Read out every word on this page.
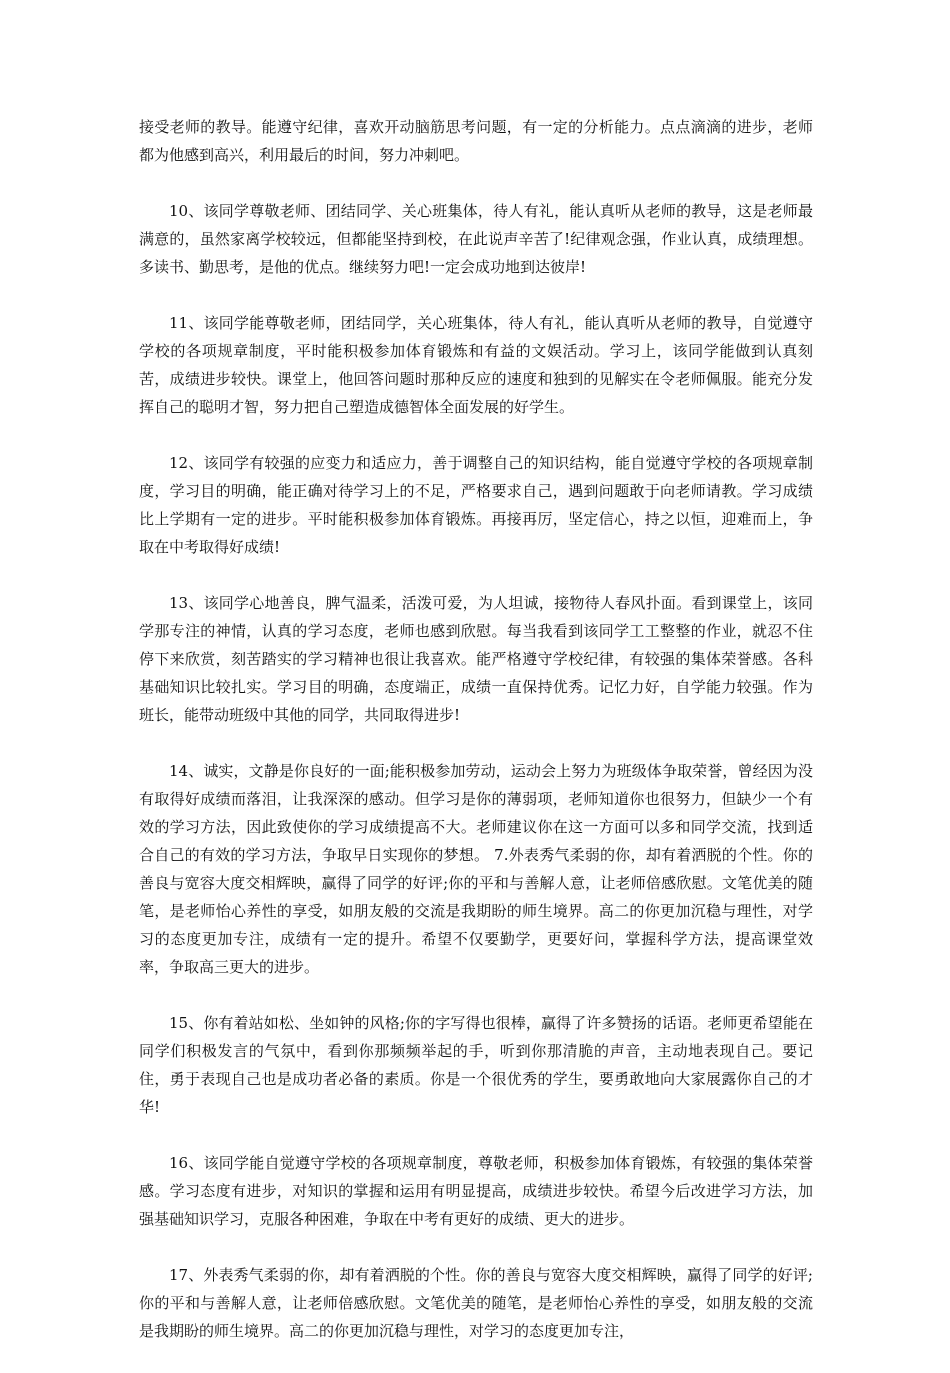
接受老师的教导。能遵守纪律，喜欢开动脑筋思考问题，有一定的分析能力。点点滴滴的进步，老师都为他感到高兴，利用最后的时间，努力冲刺吧。

10、该同学尊敬老师、团结同学、关心班集体，待人有礼，能认真听从老师的教导，这是老师最满意的，虽然家离学校较远，但都能坚持到校，在此说声辛苦了!纪律观念强，作业认真，成绩理想。多读书、勤思考，是他的优点。继续努力吧!一定会成功地到达彼岸!

11、该同学能尊敬老师，团结同学，关心班集体，待人有礼，能认真听从老师的教导，自觉遵守学校的各项规章制度，平时能积极参加体育锻炼和有益的文娱活动。学习上，该同学能做到认真刻苦，成绩进步较快。课堂上，他回答问题时那种反应的速度和独到的见解实在令老师佩服。能充分发挥自己的聪明才智，努力把自己塑造成德智体全面发展的好学生。

12、该同学有较强的应变力和适应力，善于调整自己的知识结构，能自觉遵守学校的各项规章制度，学习目的明确，能正确对待学习上的不足，严格要求自己，遇到问题敢于向老师请教。学习成绩比上学期有一定的进步。平时能积极参加体育锻炼。再接再厉，坚定信心，持之以恒，迎难而上，争取在中考取得好成绩!

13、该同学心地善良，脾气温柔，活泼可爱，为人坦诚，接物待人春风扑面。看到课堂上，该同学那专注的神情，认真的学习态度，老师也感到欣慰。每当我看到该同学工工整整的作业，就忍不住停下来欣赏，刻苦踏实的学习精神也很让我喜欢。能严格遵守学校纪律，有较强的集体荣誉感。各科基础知识比较扎实。学习目的明确，态度端正，成绩一直保持优秀。记忆力好，自学能力较强。作为班长，能带动班级中其他的同学，共同取得进步!

14、诚实，文静是你良好的一面;能积极参加劳动，运动会上努力为班级体争取荣誉，曾经因为没有取得好成绩而落泪，让我深深的感动。但学习是你的薄弱项，老师知道你也很努力，但缺少一个有效的学习方法，因此致使你的学习成绩提高不大。老师建议你在这一方面可以多和同学交流，找到适合自己的有效的学习方法，争取早日实现你的梦想。 7.外表秀气柔弱的你，却有着洒脱的个性。你的善良与宽容大度交相辉映，赢得了同学的好评;你的平和与善解人意，让老师倍感欣慰。文笔优美的随笔，是老师怡心养性的享受，如朋友般的交流是我期盼的师生境界。高二的你更加沉稳与理性，对学习的态度更加专注，成绩有一定的提升。希望不仅要勤学，更要好问，掌握科学方法，提高课堂效率，争取高三更大的进步。

15、你有着站如松、坐如钟的风格;你的字写得也很棒，赢得了许多赞扬的话语。老师更希望能在同学们积极发言的气氛中，看到你那频频举起的手，听到你那清脆的声音，主动地表现自己。要记住，勇于表现自己也是成功者必备的素质。你是一个很优秀的学生，要勇敢地向大家展露你自己的才华!

16、该同学能自觉遵守学校的各项规章制度，尊敬老师，积极参加体育锻炼，有较强的集体荣誉感。学习态度有进步，对知识的掌握和运用有明显提高，成绩进步较快。希望今后改进学习方法，加强基础知识学习，克服各种困难，争取在中考有更好的成绩、更大的进步。

17、外表秀气柔弱的你，却有着洒脱的个性。你的善良与宽容大度交相辉映，赢得了同学的好评;你的平和与善解人意，让老师倍感欣慰。文笔优美的随笔，是老师怡心养性的享受，如朋友般的交流是我期盼的师生境界。高二的你更加沉稳与理性，对学习的态度更加专注，
